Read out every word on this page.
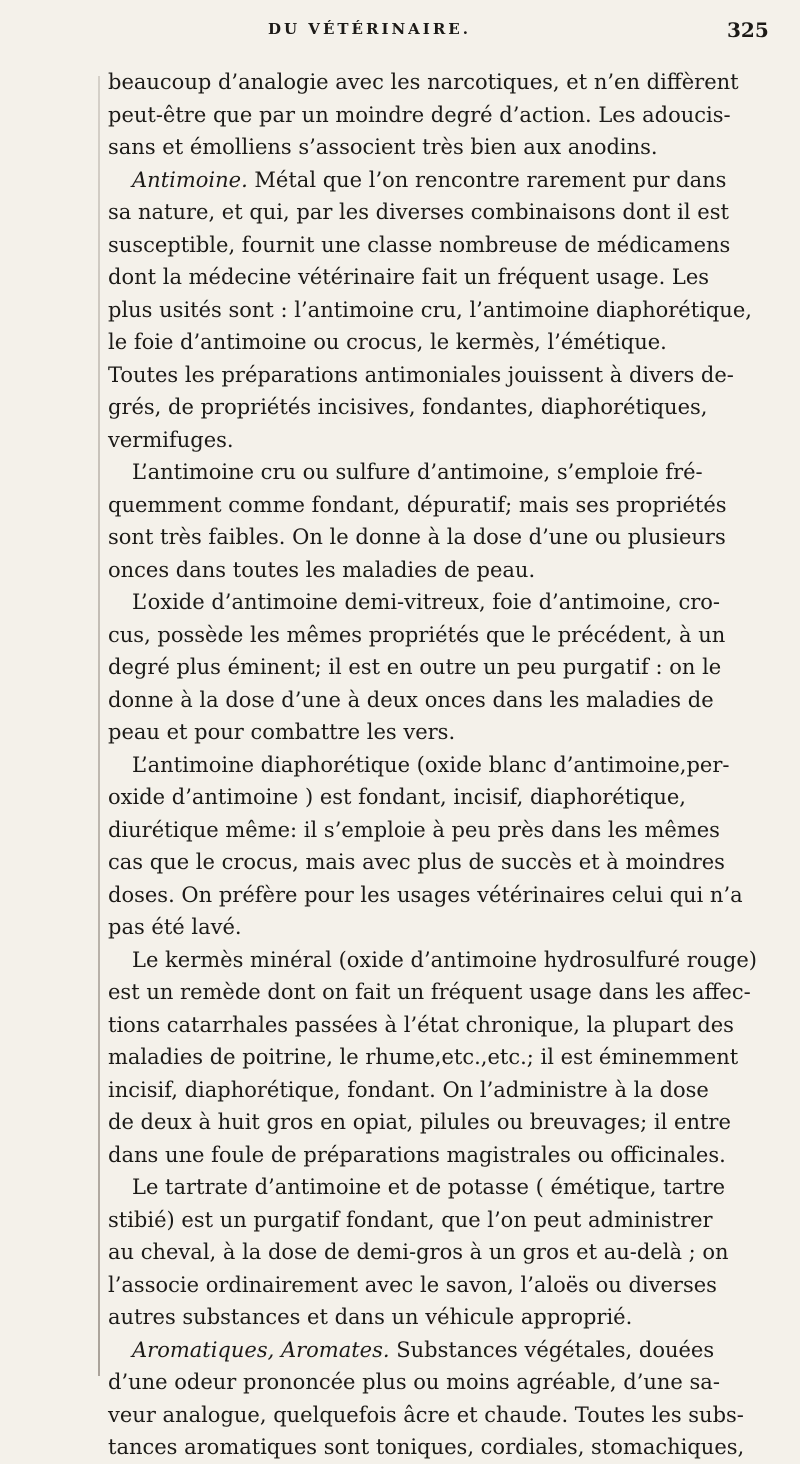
DU VÉTÉRINAIRE.	325
beaucoup d’analogie avec les narcotiques, et n’en diffèrent
peut-être que par un moindre degré d’action. Les adoucis-
sans et émolliens s’associent très bien aux anodins.
Antimoine. Métal que l’on rencontre rarement pur dans
sa nature, et qui, par les diverses combinaisons dont il est
susceptible, fournit une classe nombreuse de médicamens
dont la médecine vétérinaire fait un fréquent usage. Les
plus usités sont : l’antimoine cru, l’antimoine diaphorétique,
le foie d’antimoine ou crocus, le kermès, l’émétique.
Toutes les préparations antimoniales jouissent à divers de-
grés, de propriétés incisives, fondantes, diaphorétiques,
vermifuges.
L’antimoine cru ou sulfure d’antimoine, s’emploie fré-
quemment comme fondant, dépuratif; mais ses propriétés
sont très faibles. On le donne à la dose d’une ou plusieurs
onces dans toutes les maladies de peau.
L’oxide d’antimoine demi-vitreux, foie d’antimoine, cro-
cus, possède les mêmes propriétés que le précédent, à un
degré plus éminent; il est en outre un peu purgatif : on le
donne à la dose d’une à deux onces dans les maladies de
peau et pour combattre les vers.
L’antimoine diaphorétique (oxide blanc d’antimoine,per-
oxide d’antimoine ) est fondant, incisif, diaphorétique,
diurétique même: il s’emploie à peu près dans les mêmes
cas que le crocus, mais avec plus de succès et à moindres
doses. On préfère pour les usages vétérinaires celui qui n’a
pas été lavé.
Le kermès minéral (oxide d’antimoine hydrosulfuré rouge)
est un remède dont on fait un fréquent usage dans les affec-
tions catarrhales passées à l’état chronique, la plupart des
maladies de poitrine, le rhume,etc.,etc.; il est éminemment
incisif, diaphorétique, fondant. On l’administre à la dose
de deux à huit gros en opiat, pilules ou breuvages; il entre
dans une foule de préparations magistrales ou officinales.
Le tartrate d’antimoine et de potasse ( émétique, tartre
stibié) est un purgatif fondant, que l’on peut administrer
au cheval, à la dose de demi-gros à un gros et au-delà ; on
l’associe ordinairement avec le savon, l’aloës ou diverses
autres substances et dans un véhicule approprié.
Aromatiques, Aromates. Substances végétales, douées
d’une odeur prononcée plus ou moins agréable, d’une sa-
veur analogue, quelquefois âcre et chaude. Toutes les subs-
tances aromatiques sont toniques, cordiales, stomachiques,
